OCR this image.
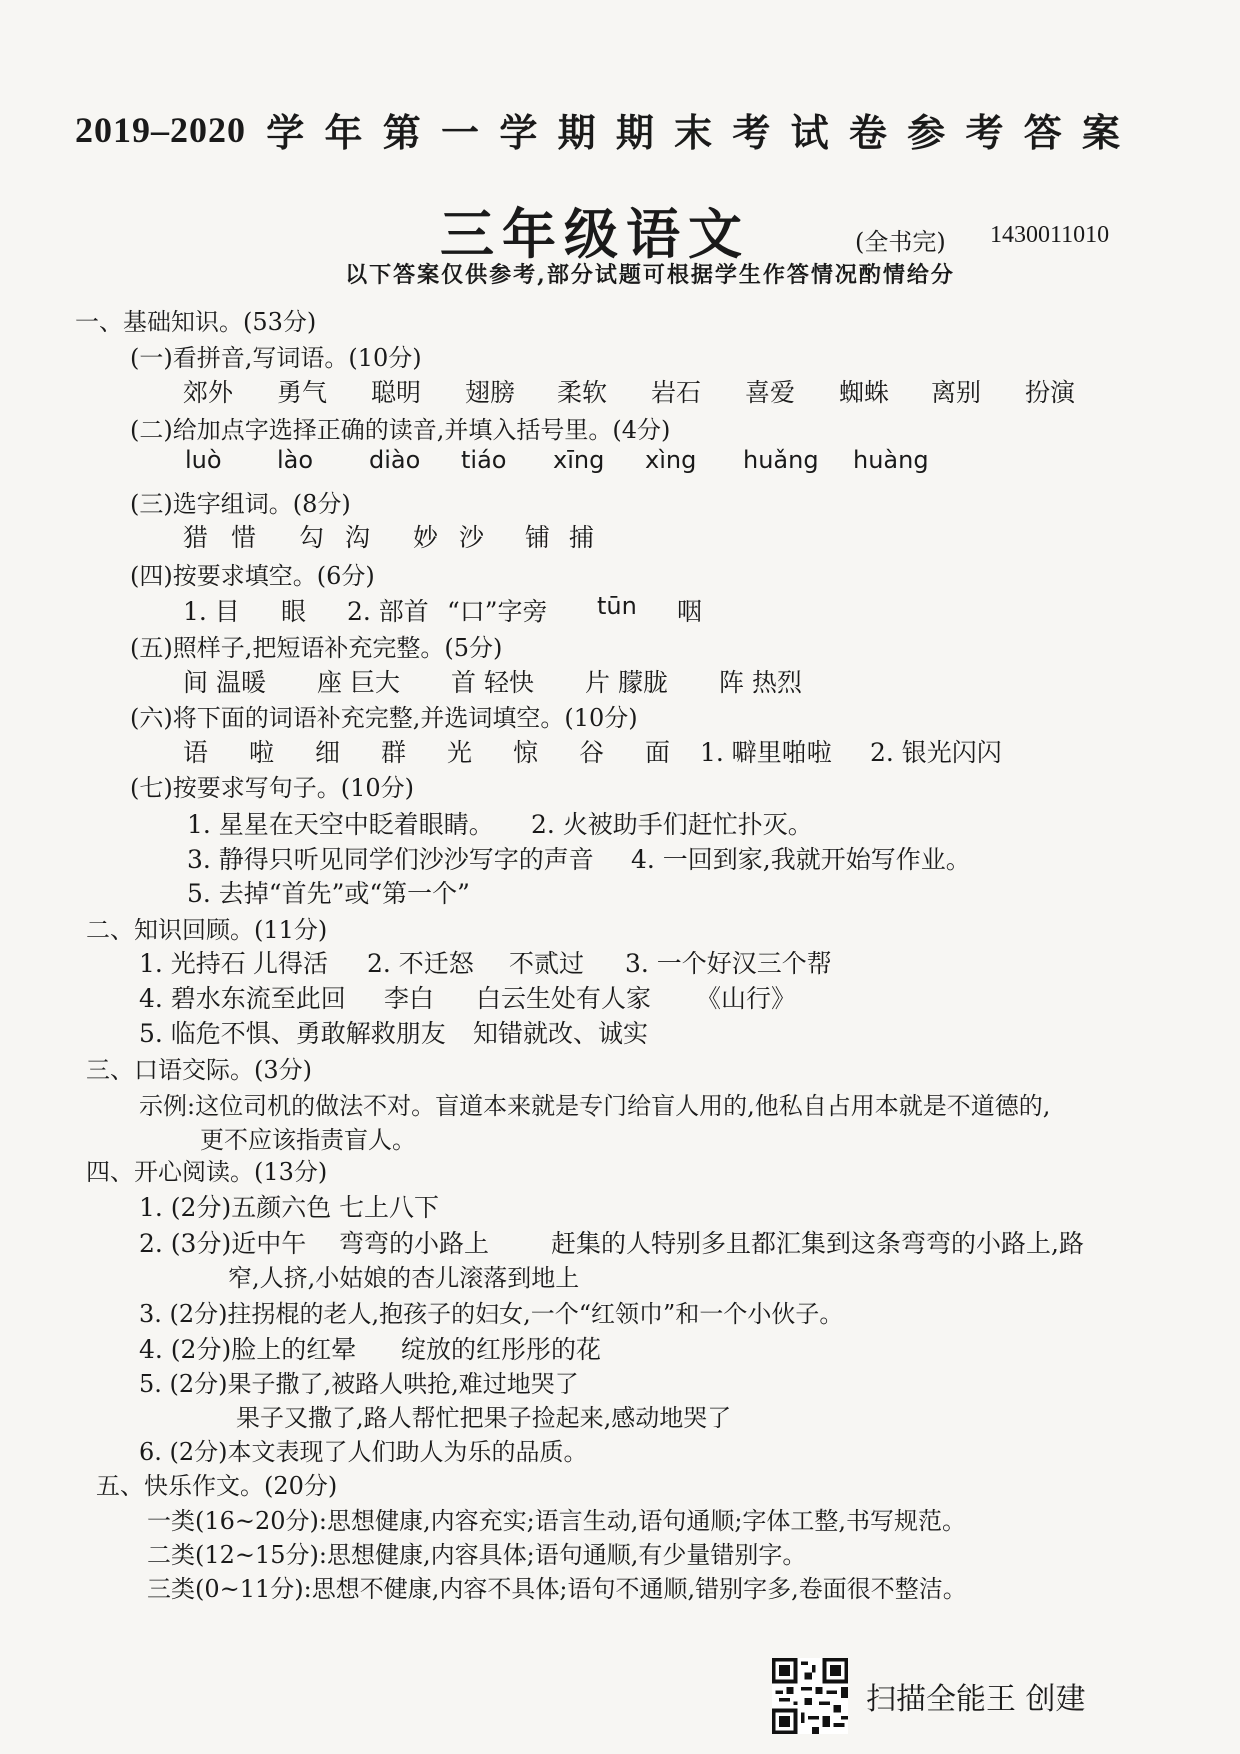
2019–2020 学 年 第 一 学 期 期 末 考 试 卷 参 考 答 案
三年级语文	(全书完) 1430011010
以下答案仅供参考,部分试题可根据学生作答情况酌情给分
一、基础知识。(53分)
(一)看拼音,写词语。(10分)
郊外	勇气	聪明	翅膀	柔软	岩石	喜爱	蜘蛛	离别	扮演
(二)给加点字选择正确的读音,并填入括号里。(4分)
luò	lào	diào	tiáo	xīng	xìng	huǎng	huàng
(三)选字组词。(8分)
猎 惜	勾 沟	妙 沙	铺 捕
(四)按要求填空。(6分)
1. 目	眼	2. 部首 “口”字旁	tūn	咽
(五)照样子,把短语补充完整。(5分)
间 温暖	座 巨大	首 轻快	片 朦胧	阵 热烈
(六)将下面的词语补充完整,并选词填空。(10分)
语	啦	细	群	光	惊	谷	面	1. 噼里啪啦	2. 银光闪闪
(七)按要求写句子。(10分)
1. 星星在天空中眨着眼睛。	2. 火被助手们赶忙扑灭。
3. 静得只听见同学们沙沙写字的声音	4. 一回到家,我就开始写作业。
5. 去掉“首先”或“第一个”
二、知识回顾。(11分)
1. 光持石 儿得活	2. 不迁怒	不贰过	3. 一个好汉三个帮
4. 碧水东流至此回	李白	白云生处有人家	《山行》
5. 临危不惧、勇敢解救朋友	知错就改、诚实
三、口语交际。(3分)
示例:这位司机的做法不对。盲道本来就是专门给盲人用的,他私自占用本就是不道德的,
更不应该指责盲人。
四、开心阅读。(13分)
1. (2分)五颜六色 七上八下
2. (3分)近中午	弯弯的小路上	赶集的人特别多且都汇集到这条弯弯的小路上,路
窄,人挤,小姑娘的杏儿滚落到地上
3. (2分)拄拐棍的老人,抱孩子的妇女,一个“红领巾”和一个小伙子。
4. (2分)脸上的红晕	绽放的红彤彤的花
5. (2分)果子撒了,被路人哄抢,难过地哭了
果子又撒了,路人帮忙把果子捡起来,感动地哭了
6. (2分)本文表现了人们助人为乐的品质。
五、快乐作文。(20分)
一类(16~20分):思想健康,内容充实;语言生动,语句通顺;字体工整,书写规范。
二类(12~15分):思想健康,内容具体;语句通顺,有少量错别字。
三类(0~11分):思想不健康,内容不具体;语句不通顺,错别字多,卷面很不整洁。
扫描全能王 创建
